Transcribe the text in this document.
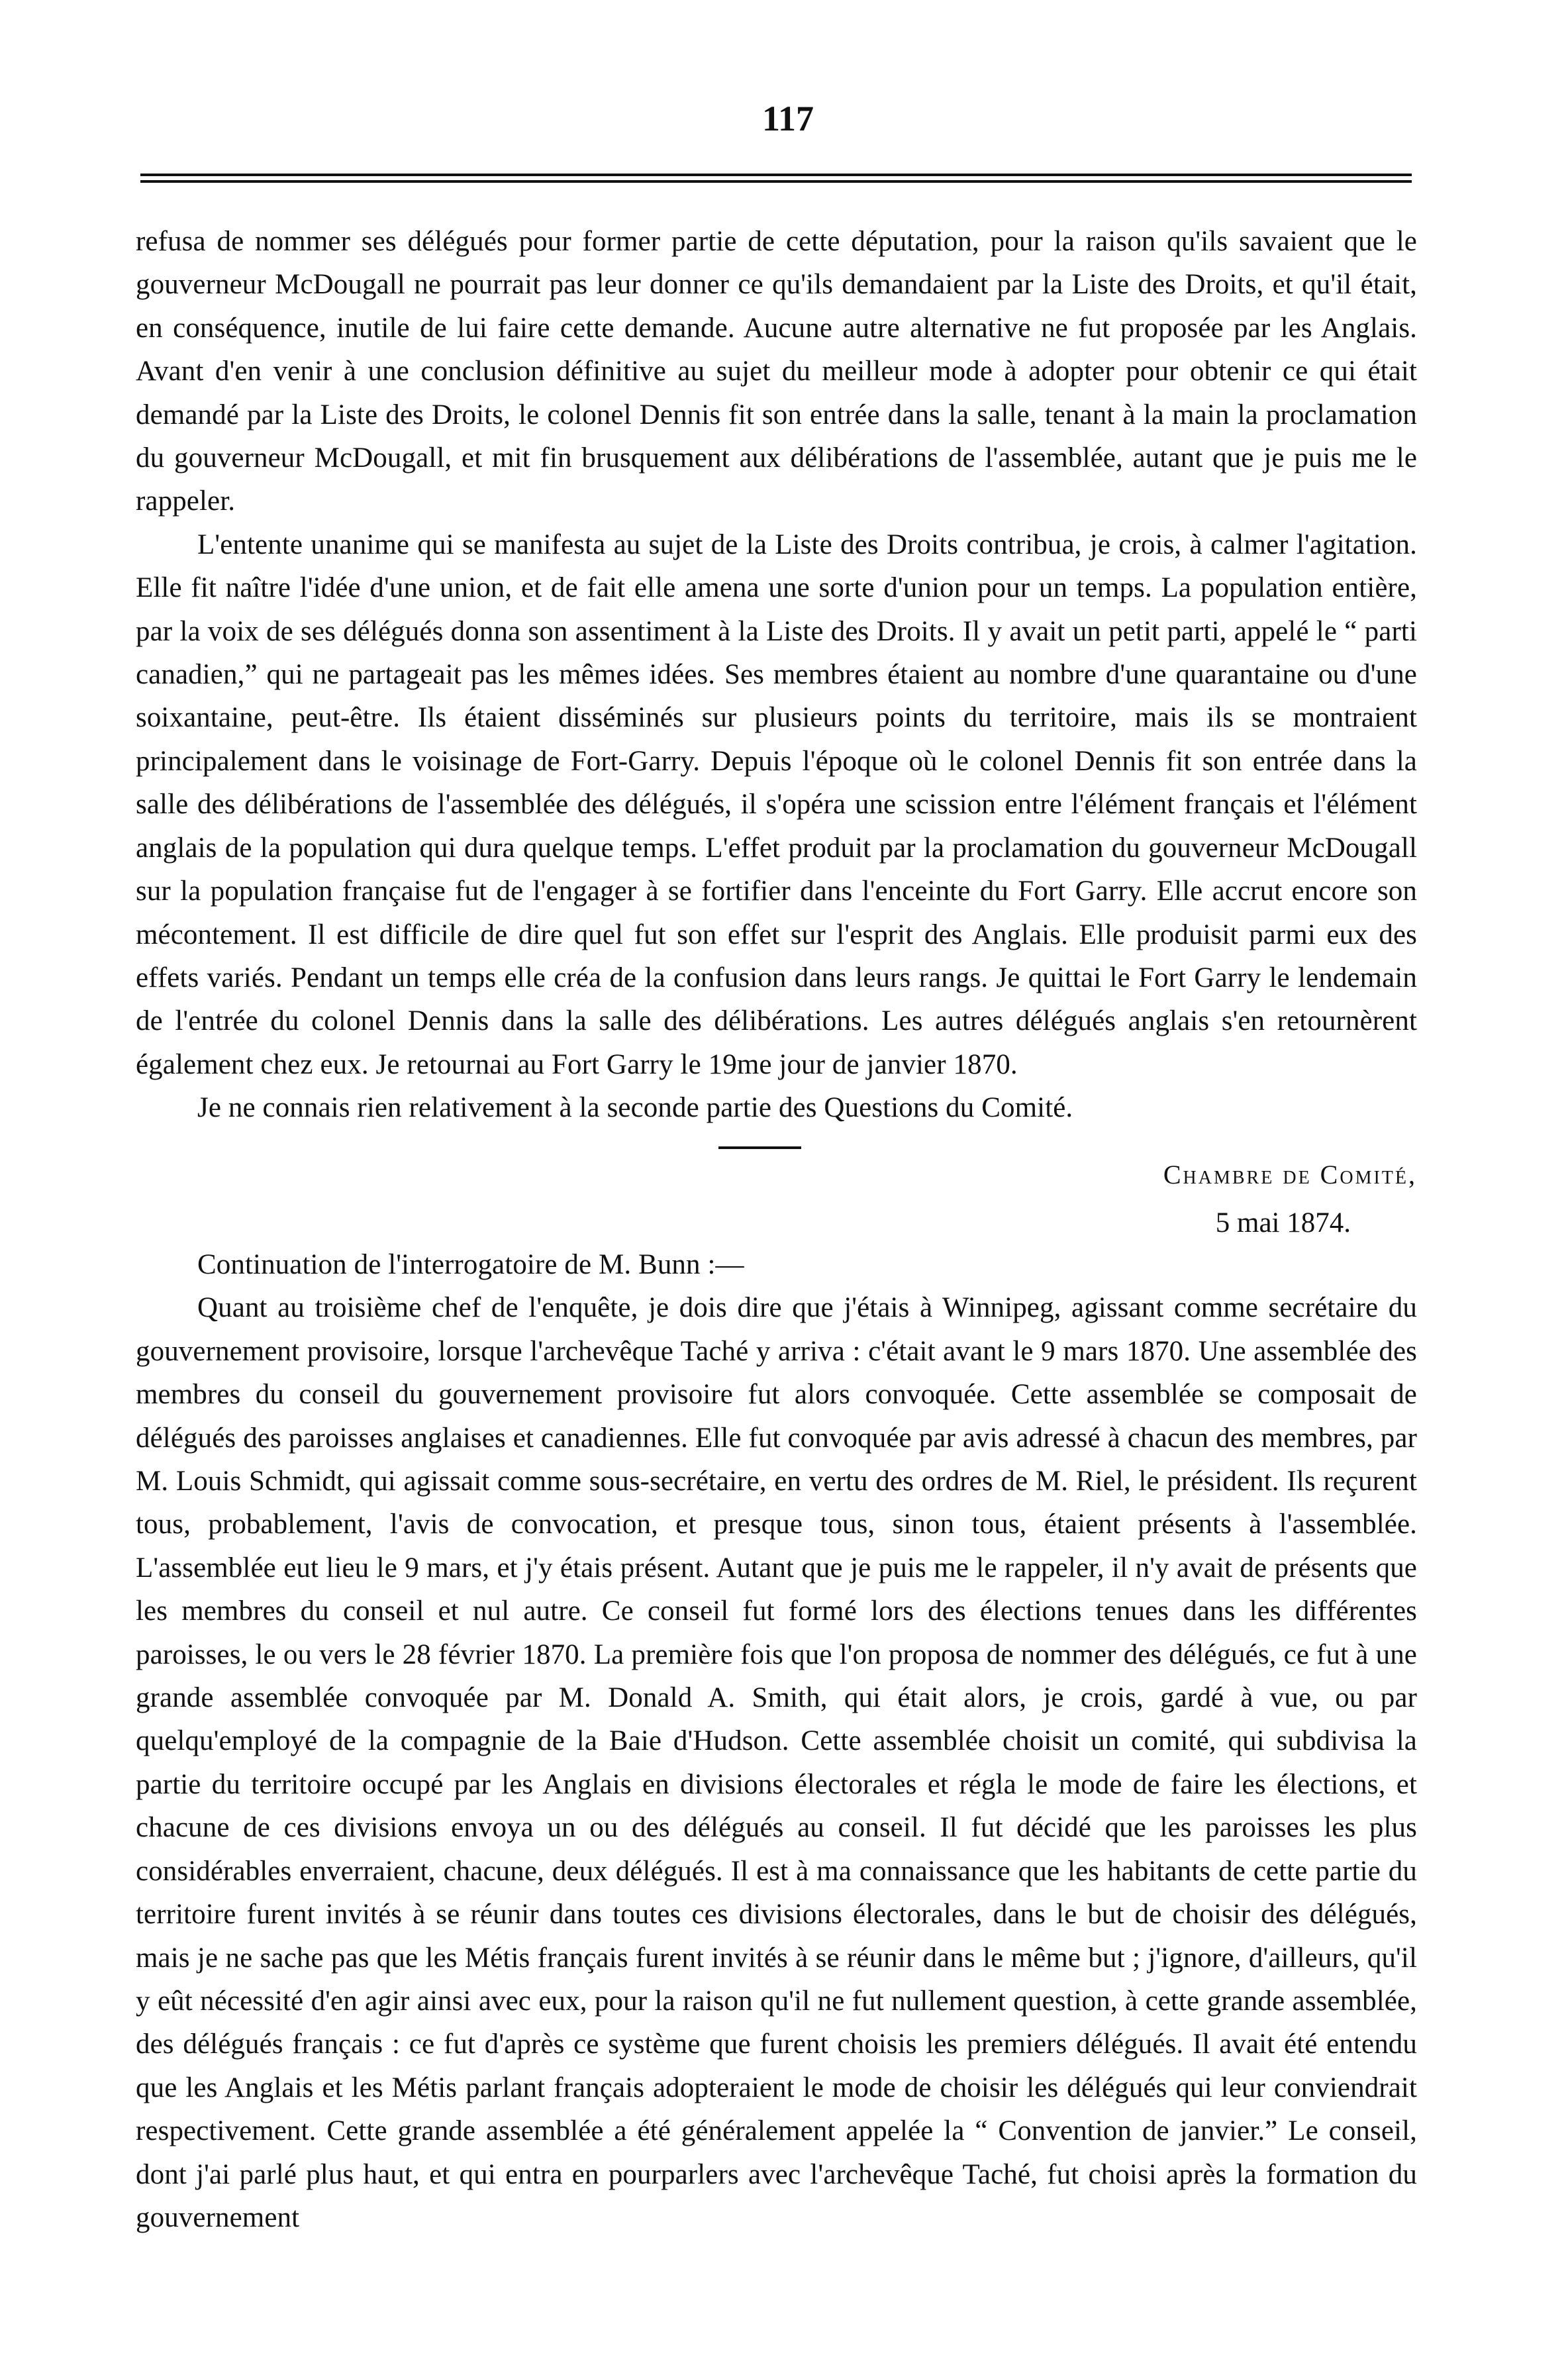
117

refusa de nommer ses délégués pour former partie de cette députation, pour la raison qu'ils savaient que le gouverneur McDougall ne pourrait pas leur donner ce qu'ils demandaient par la Liste des Droits, et qu'il était, en conséquence, inutile de lui faire cette demande. Aucune autre alternative ne fut proposée par les Anglais. Avant d'en venir à une conclusion définitive au sujet du meilleur mode à adopter pour obtenir ce qui était demandé par la Liste des Droits, le colonel Dennis fit son entrée dans la salle, tenant à la main la proclamation du gouverneur McDougall, et mit fin brusquement aux délibérations de l'assemblée, autant que je puis me le rappeler.

L'entente unanime qui se manifesta au sujet de la Liste des Droits contribua, je crois, à calmer l'agitation. Elle fit naître l'idée d'une union, et de fait elle amena une sorte d'union pour un temps. La population entière, par la voix de ses délégués donna son assentiment à la Liste des Droits. Il y avait un petit parti, appelé le “ parti canadien,” qui ne partageait pas les mêmes idées. Ses membres étaient au nombre d'une quarantaine ou d'une soixantaine, peut-être. Ils étaient disséminés sur plusieurs points du territoire, mais ils se montraient principalement dans le voisinage de Fort-Garry. Depuis l'époque où le colonel Dennis fit son entrée dans la salle des délibérations de l'assemblée des délégués, il s'opéra une scission entre l'élément français et l'élément anglais de la population qui dura quelque temps. L'effet produit par la proclamation du gouverneur McDougall sur la population française fut de l'engager à se fortifier dans l'enceinte du Fort Garry. Elle accrut encore son mécontement. Il est difficile de dire quel fut son effet sur l'esprit des Anglais. Elle produisit parmi eux des effets variés. Pendant un temps elle créa de la confusion dans leurs rangs. Je quittai le Fort Garry le lendemain de l'entrée du colonel Dennis dans la salle des délibérations. Les autres délégués anglais s'en retournèrent également chez eux. Je retournai au Fort Garry le 19me jour de janvier 1870.

Je ne connais rien relativement à la seconde partie des Questions du Comité.

Chambre de Comité,
5 mai 1874.

Continuation de l'interrogatoire de M. Bunn :—

Quant au troisième chef de l'enquête, je dois dire que j'étais à Winnipeg, agissant comme secrétaire du gouvernement provisoire, lorsque l'archevêque Taché y arriva : c'était avant le 9 mars 1870. Une assemblée des membres du conseil du gouvernement provisoire fut alors convoquée. Cette assemblée se composait de délégués des paroisses anglaises et canadiennes. Elle fut convoquée par avis adressé à chacun des membres, par M. Louis Schmidt, qui agissait comme sous-secrétaire, en vertu des ordres de M. Riel, le président. Ils reçurent tous, probablement, l'avis de convocation, et presque tous, sinon tous, étaient présents à l'assemblée. L'assemblée eut lieu le 9 mars, et j'y étais présent. Autant que je puis me le rappeler, il n'y avait de présents que les membres du conseil et nul autre. Ce conseil fut formé lors des élections tenues dans les différentes paroisses, le ou vers le 28 février 1870. La première fois que l'on proposa de nommer des délégués, ce fut à une grande assemblée convoquée par M. Donald A. Smith, qui était alors, je crois, gardé à vue, ou par quelqu'employé de la compagnie de la Baie d'Hudson. Cette assemblée choisit un comité, qui subdivisa la partie du territoire occupé par les Anglais en divisions électorales et régla le mode de faire les élections, et chacune de ces divisions envoya un ou des délégués au conseil. Il fut décidé que les paroisses les plus considérables enverraient, chacune, deux délégués. Il est à ma connaissance que les habitants de cette partie du territoire furent invités à se réunir dans toutes ces divisions électorales, dans le but de choisir des délégués, mais je ne sache pas que les Métis français furent invités à se réunir dans le même but ; j'ignore, d'ailleurs, qu'il y eût nécessité d'en agir ainsi avec eux, pour la raison qu'il ne fut nullement question, à cette grande assemblée, des délégués français : ce fut d'après ce système que furent choisis les premiers délégués. Il avait été entendu que les Anglais et les Métis parlant français adopteraient le mode de choisir les délégués qui leur conviendrait respectivement. Cette grande assemblée a été généralement appelée la “ Convention de janvier.” Le conseil, dont j'ai parlé plus haut, et qui entra en pourparlers avec l'archevêque Taché, fut choisi après la formation du gouvernement
